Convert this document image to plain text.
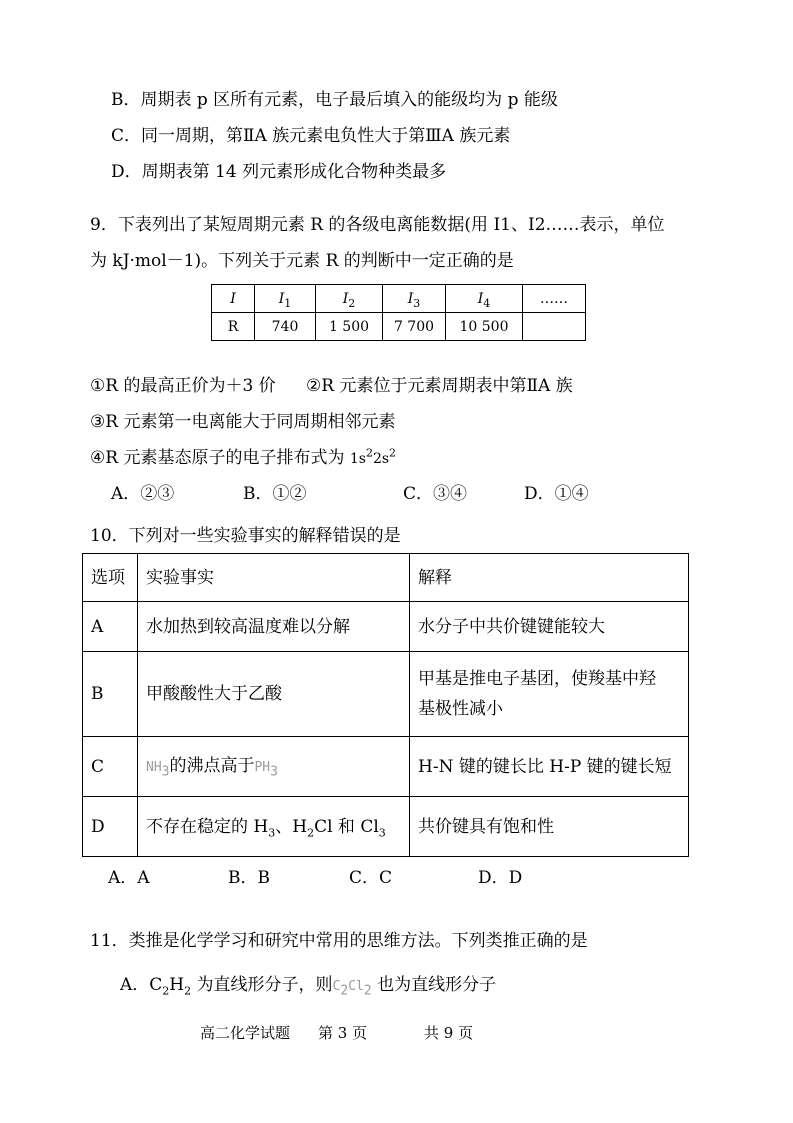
B．周期表 p 区所有元素，电子最后填入的能级均为 p 能级
C．同一周期，第ⅡA 族元素电负性大于第ⅢA 族元素
D．周期表第 14 列元素形成化合物种类最多
9．下表列出了某短周期元素 R 的各级电离能数据(用 I1、I2……表示，单位
为 kJ·mol－1)。下列关于元素 R 的判断中一定正确的是
I	$I_1$	$I_2$	$I_3$	$I_4$	……
R	740	1 500	7 700	10 500	
①R 的最高正价为＋3 价 ②R 元素位于元素周期表中第ⅡA 族
③R 元素第一电离能大于同周期相邻元素
④R 元素基态原子的电子排布式为 $1s^22s^2$
A．②③	B．①②	C．③④	D．①④
10．下列对一些实验事实的解释错误的是
选项	实验事实	解释
A	水加热到较高温度难以分解	水分子中共价键键能较大
B	甲酸酸性大于乙酸	甲基是推电子基团，使羧基中羟
基极性减小

C	$NH_3$的沸点高于$PH_3$	H-N 键的键长比 H-P 键的键长短
D	不存在稳定的 $H_3$、$H_2Cl$ 和 $Cl_3$	共价键具有饱和性
A．A	B．B	C．C	D．D
11．类推是化学学习和研究中常用的思维方法。下列类推正确的是
A．$C_2H_2$ 为直线形分子，则$C_2Cl_2$ 也为直线形分子
高二化学试题 第 3 页	共 9 页
